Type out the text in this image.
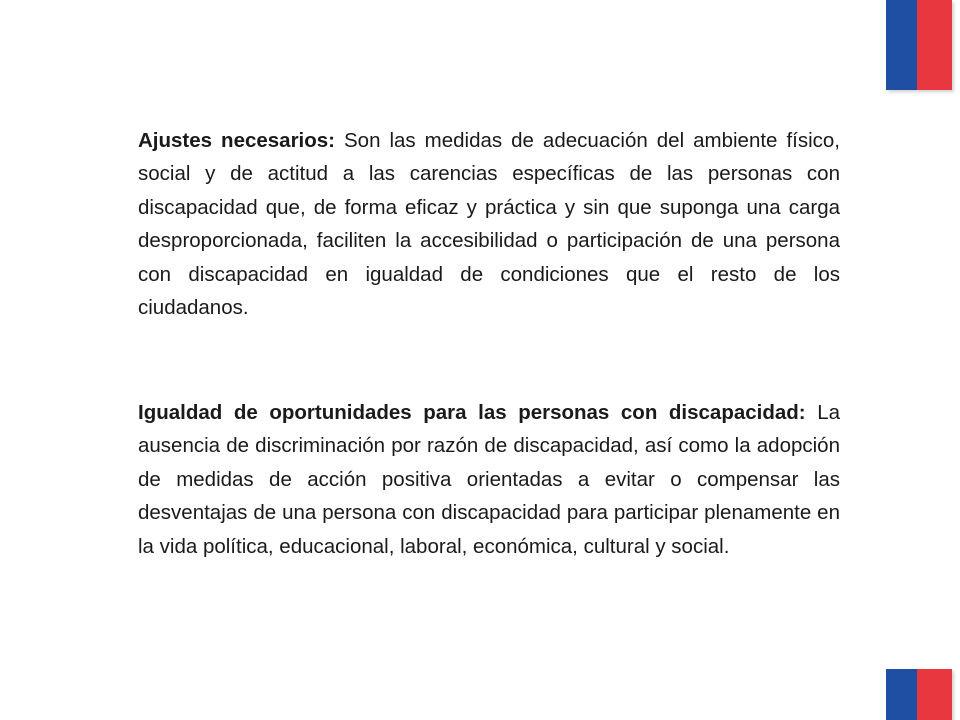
Ajustes necesarios: Son las medidas de adecuación del ambiente físico, social y de actitud a las carencias específicas de las personas con discapacidad que, de forma eficaz y práctica y sin que suponga una carga desproporcionada, faciliten la accesibilidad o participación de una persona con discapacidad en igualdad de condiciones que el resto de los ciudadanos.

Igualdad de oportunidades para las personas con discapacidad: La ausencia de discriminación por razón de discapacidad, así como la adopción de medidas de acción positiva orientadas a evitar o compensar las desventajas de una persona con discapacidad para participar plenamente en la vida política, educacional, laboral, económica, cultural y social.
